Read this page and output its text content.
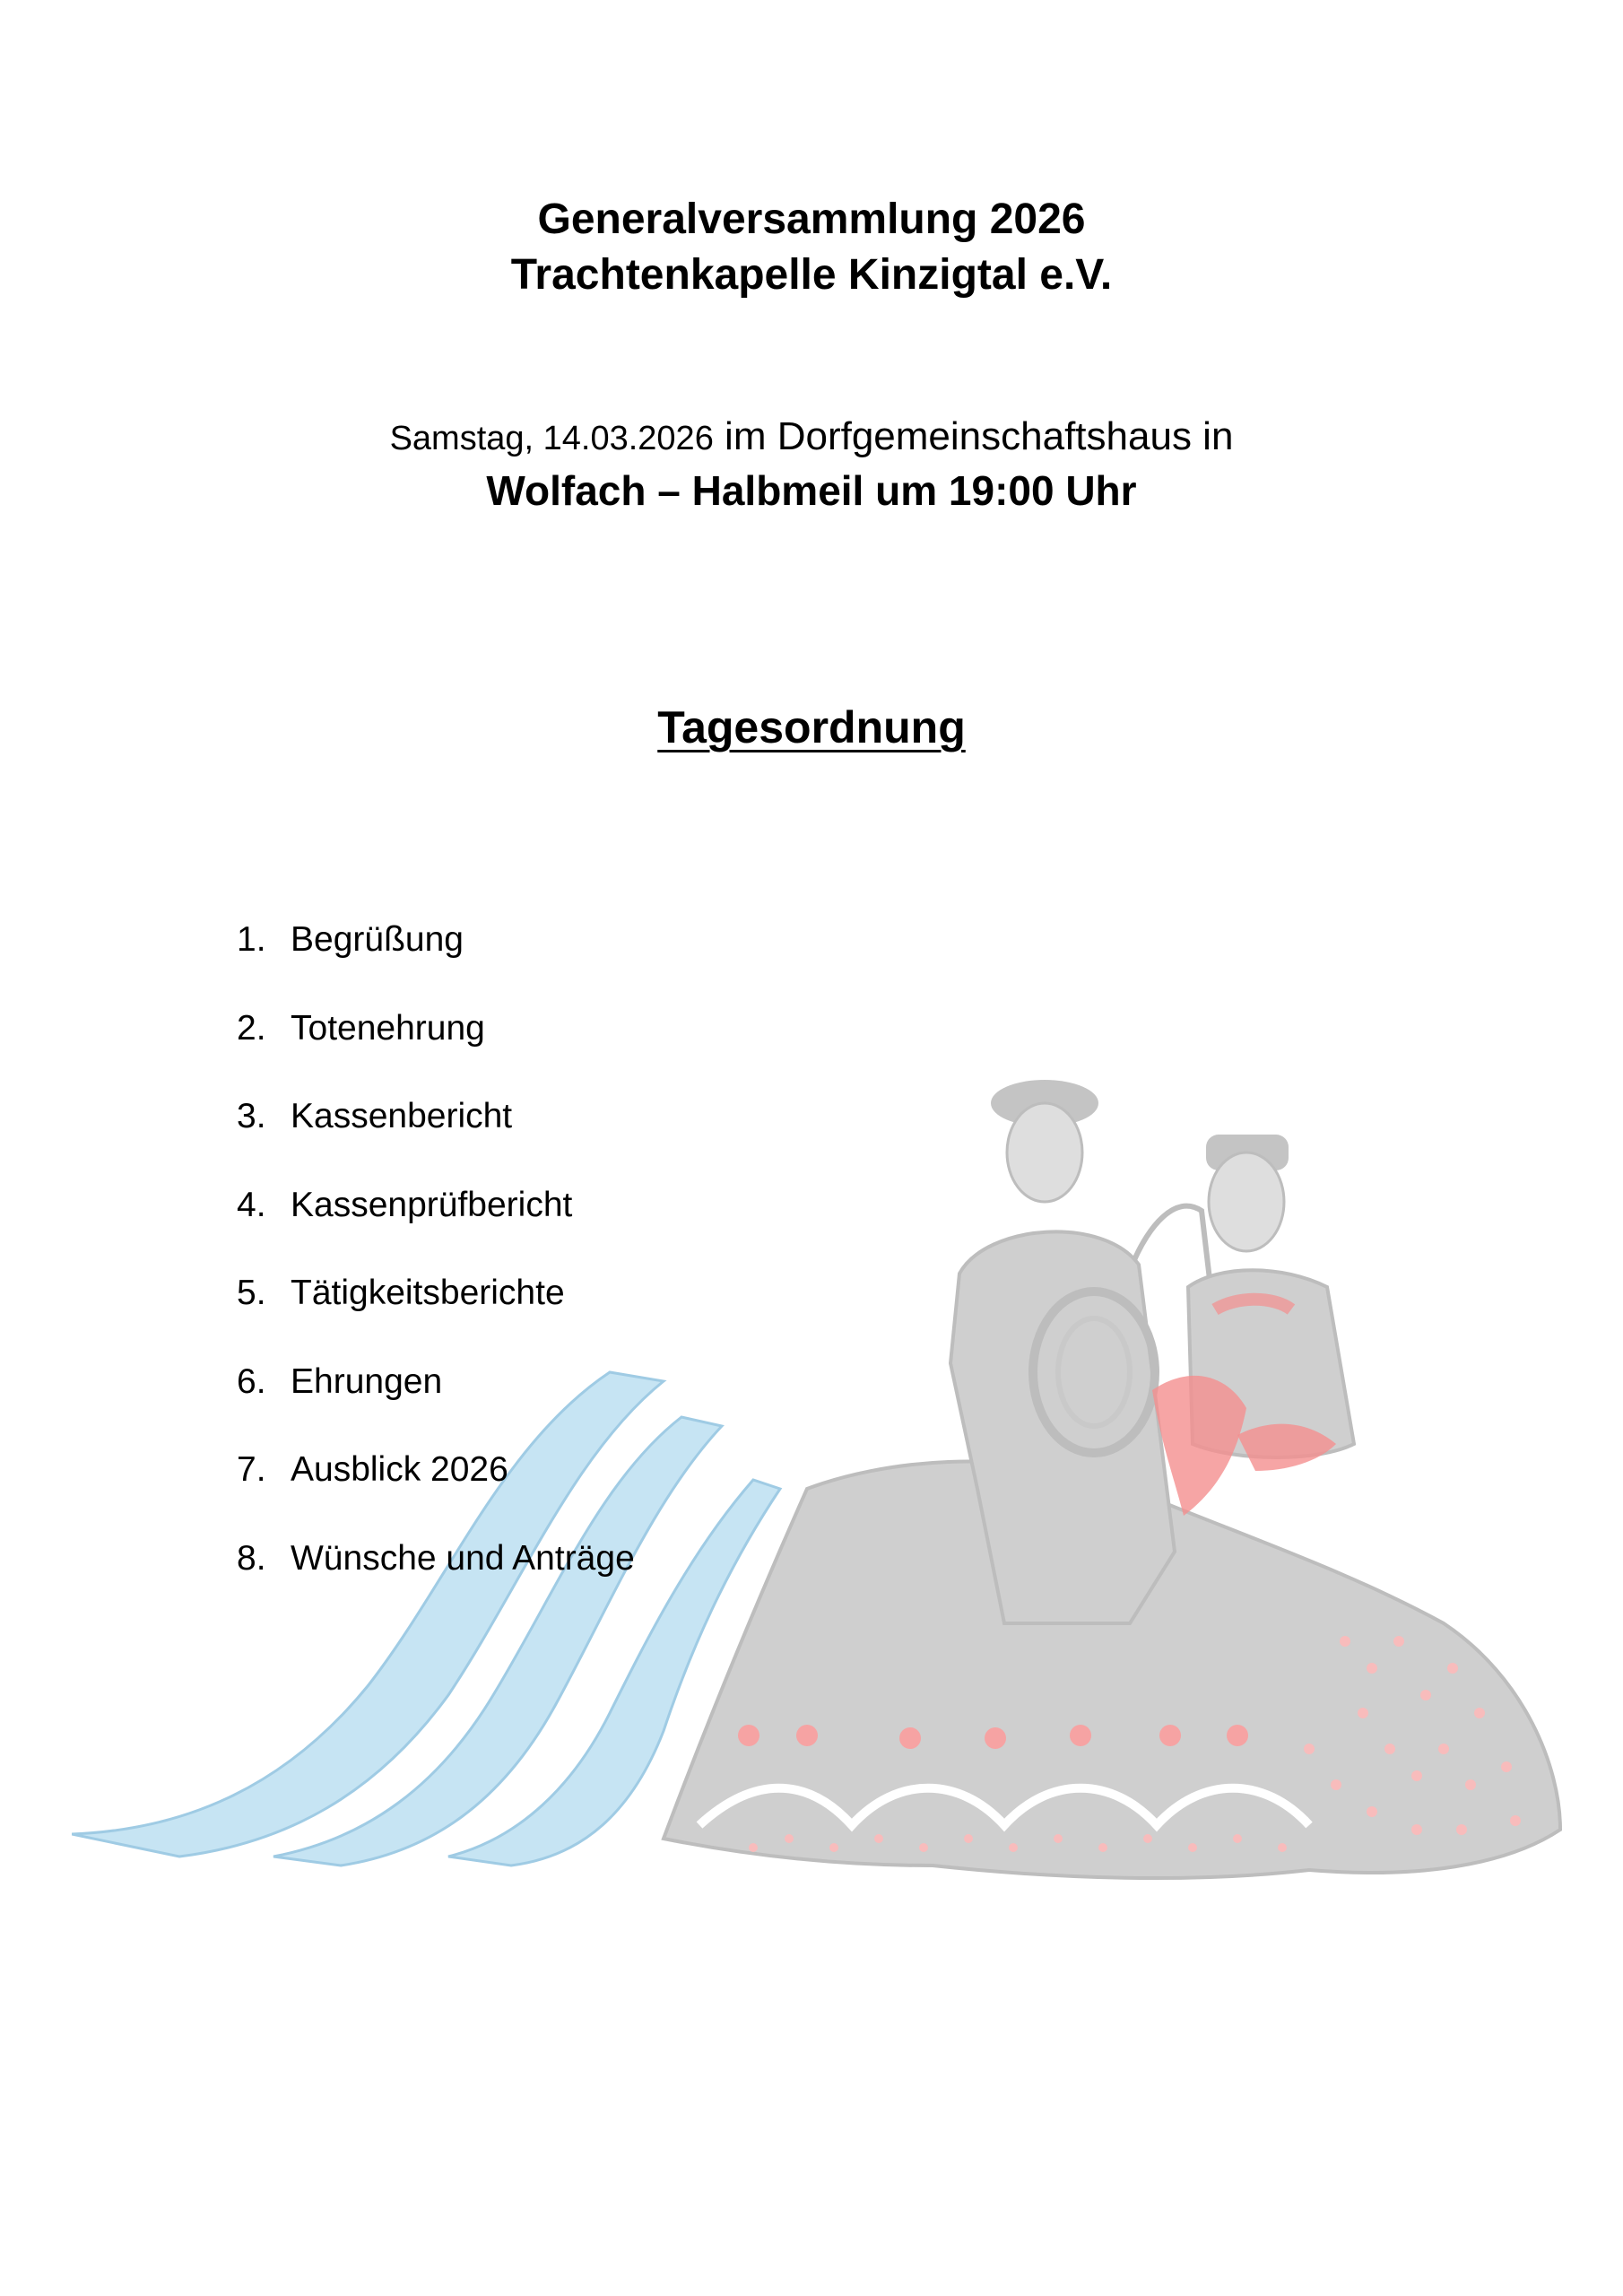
Generalversammlung 2026
Trachtenkapelle Kinzigtal e.V.
Samstag, 14.03.2026 im Dorfgemeinschaftshaus in
Wolfach – Halbmeil um 19:00 Uhr
Tagesordnung
1. Begrüßung
2. Totenehrung
3. Kassenbericht
4. Kassenprüfbericht
5. Tätigkeitsberichte
6. Ehrungen
7. Ausblick 2026
8. Wünsche und Anträge
